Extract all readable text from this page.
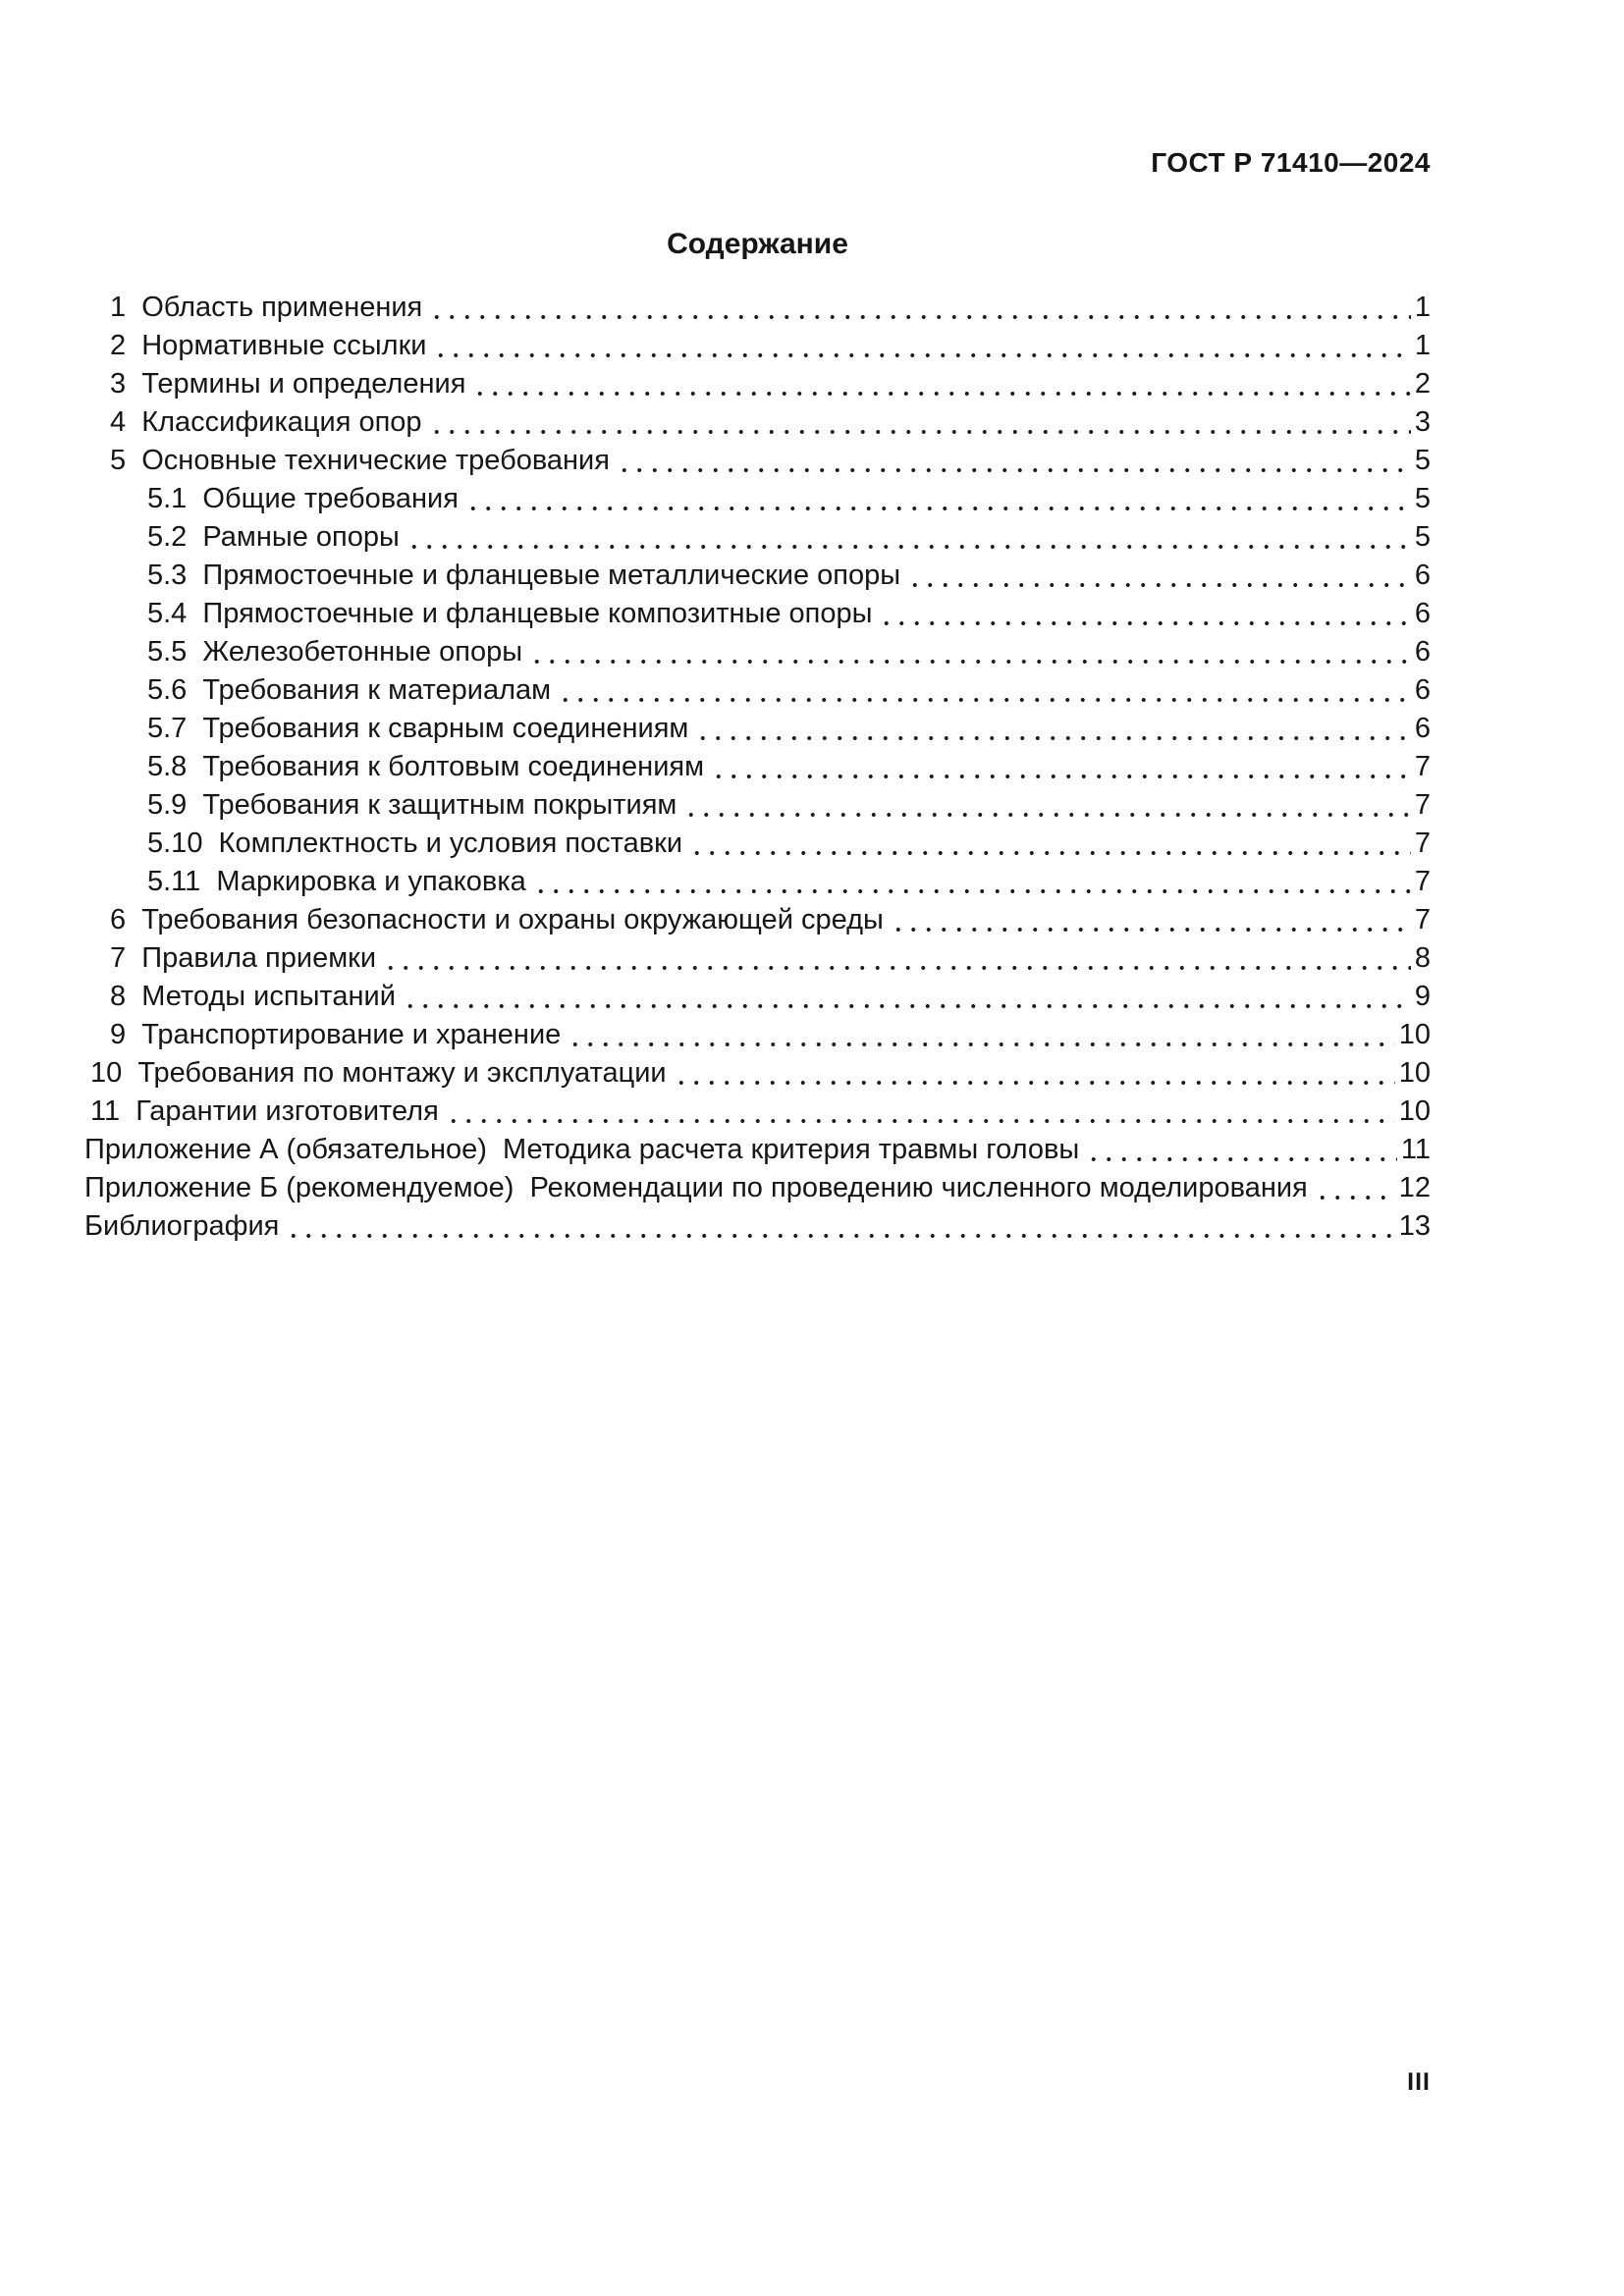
ГОСТ Р 71410—2024
Содержание
1  Область применения	1
2  Нормативные ссылки	1
3  Термины и определения	2
4  Классификация опор	3
5  Основные технические требования	5
5.1  Общие требования	5
5.2  Рамные опоры	5
5.3  Прямостоечные и фланцевые металлические опоры	6
5.4  Прямостоечные и фланцевые композитные опоры	6
5.5  Железобетонные опоры	6
5.6  Требования к материалам	6
5.7  Требования к сварным соединениям	6
5.8  Требования к болтовым соединениям	7
5.9  Требования к защитным покрытиям	7
5.10  Комплектность и условия поставки	7
5.11  Маркировка и упаковка	7
6  Требования безопасности и охраны окружающей среды	7
7  Правила приемки	8
8  Методы испытаний	9
9  Транспортирование и хранение	10
10  Требования по монтажу и эксплуатации	10
11  Гарантии изготовителя	10
Приложение А (обязательное)  Методика расчета критерия травмы головы	11
Приложение Б (рекомендуемое)  Рекомендации по проведению численного моделирования	12
Библиография	13
III
